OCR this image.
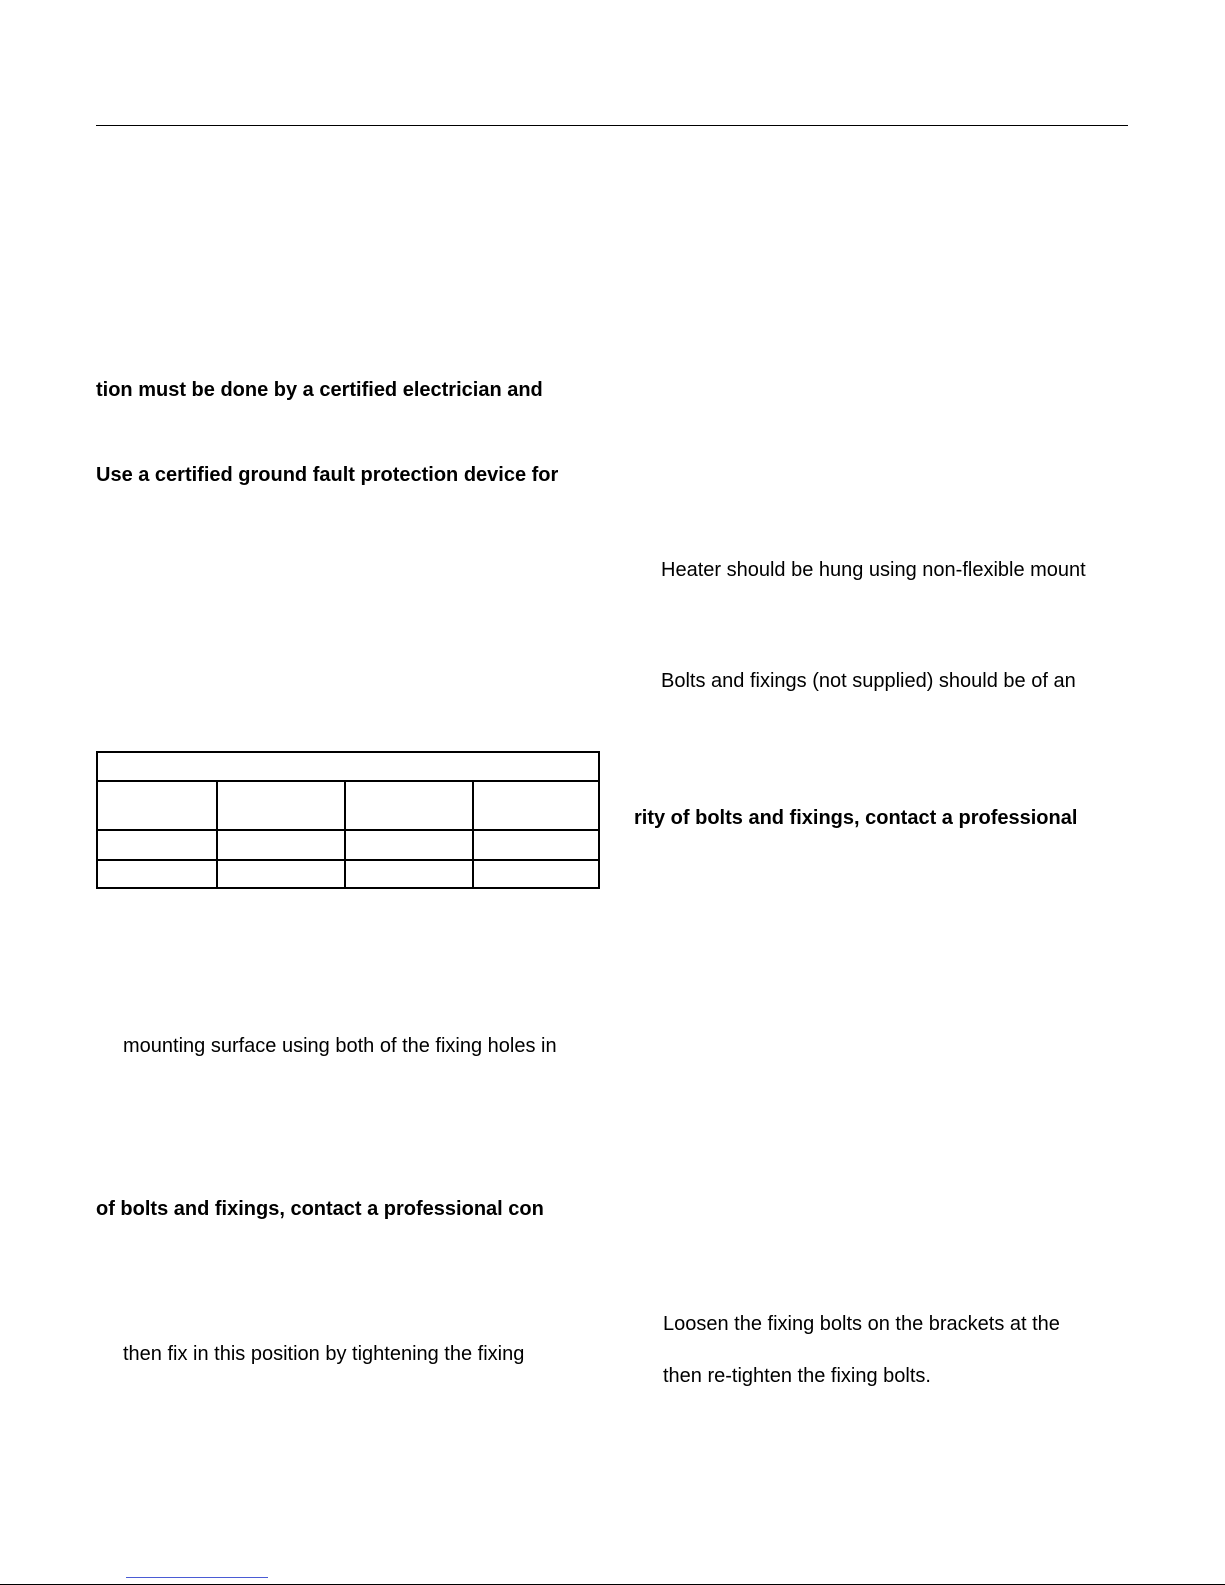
tion must be done by a certified electrician and
Use a certified ground fault protection device for
Heater should be hung using non-flexible mount
Bolts and fixings (not supplied) should be of an
rity of bolts and fixings, contact a professional
mounting surface using both of the fixing holes in
of bolts and fixings, contact a professional con
Loosen the fixing bolts on the brackets at the
then fix in this position by tightening the fixing
then re-tighten the fixing bolts.
